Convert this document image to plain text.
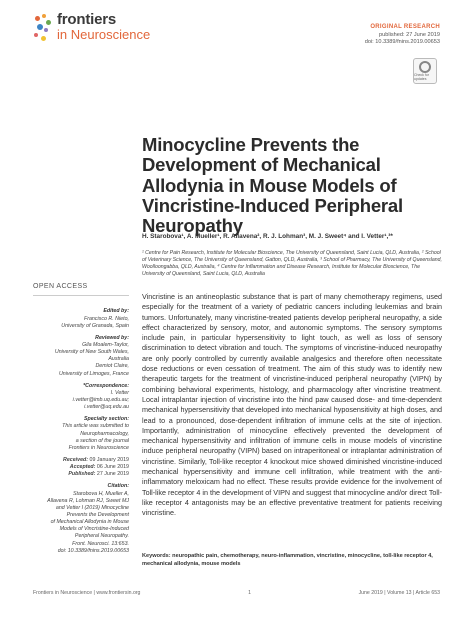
frontiers
in Neuroscience	ORIGINAL RESEARCH
published: 27 June 2019
doi: 10.3389/fnins.2019.00653
Check for updates
Minocycline Prevents the Development of Mechanical Allodynia in Mouse Models of Vincristine-Induced Peripheral Neuropathy
H. Starobova¹, A. Mueller¹, R. Allavena², R. J. Lohman³, M. J. Sweet⁴ and I. Vetter¹,³*
¹ Centre for Pain Research, Institute for Molecular Bioscience, The University of Queensland, Saint Lucia, QLD, Australia, ² School of Veterinary Science, The University of Queensland, Gatton, QLD, Australia, ³ School of Pharmacy, The University of Queensland, Woolloongabba, QLD, Australia, ⁴ Centre for Inflammation and Disease Research, Institute for Molecular Bioscience, The University of Queensland, Saint Lucia, QLD, Australia
OPEN ACCESS
Edited by:
Francisco R. Nieto,
University of Granada, Spain
Reviewed by:
Gila Moalem-Taylor,
University of New South Wales,
Australia
Demiot Claire,
University of Limoges, France
*Correspondence:
I. Vetter
i.vetter@imb.uq.edu.au;
i.vetter@uq.edu.au
Specialty section:
This article was submitted to
Neuropharmacology,
a section of the journal
Frontiers in Neuroscience
Received: 09 January 2019
Accepted: 06 June 2019
Published: 27 June 2019
Citation:
Starobova H, Mueller A,
Allavena R, Lohman RJ, Sweet MJ
and Vetter I (2019) Minocycline
Prevents the Development
of Mechanical Allodynia in Mouse
Models of Vincristine-Induced
Peripheral Neuropathy.
Front. Neurosci. 13:653.
doi: 10.3389/fnins.2019.00653
Vincristine is an antineoplastic substance that is part of many chemotherapy regimens, used especially for the treatment of a variety of pediatric cancers including leukemias and brain tumors. Unfortunately, many vincristine-treated patients develop peripheral neuropathy, a side effect characterized by sensory, motor, and autonomic symptoms. The sensory symptoms include pain, in particular hypersensitivity to light touch, as well as loss of sensory discrimination to detect vibration and touch. The symptoms of vincristine-induced neuropathy are only poorly controlled by currently available analgesics and therefore often necessitate dose reductions or even cessation of treatment. The aim of this study was to identify new therapeutic targets for the treatment of vincristine-induced peripheral neuropathy (VIPN) by combining behavioral experiments, histology, and pharmacology after vincristine treatment. Local intraplantar injection of vincristine into the hind paw caused dose- and time-dependent mechanical hypersensitivity that developed into mechanical hyposensitivity at high doses, and lead to a pronounced, dose-dependent infiltration of immune cells at the site of injection. Importantly, administration of minocycline effectively prevented the development of mechanical hypersensitivity and infiltration of immune cells in mouse models of vincristine induce peripheral neuropathy (VIPN) based on intraperitoneal or intraplantar administration of vincristine. Similarly, Toll-like receptor 4 knockout mice showed diminished vincristine-induced mechanical hypersensitivity and immune cell infiltration, while treatment with the anti-inflammatory meloxicam had no effect. These results provide evidence for the involvement of Toll-like receptor 4 in the development of VIPN and suggest that minocycline and/or direct Toll-like receptor 4 antagonists may be an effective preventative treatment for patients receiving vincristine.
Keywords: neuropathic pain, chemotherapy, neuro-inflammation, vincristine, minocycline, toll-like receptor 4, mechanical allodynia, mouse models
Frontiers in Neuroscience | www.frontiersin.org	1	June 2019 | Volume 13 | Article 653
